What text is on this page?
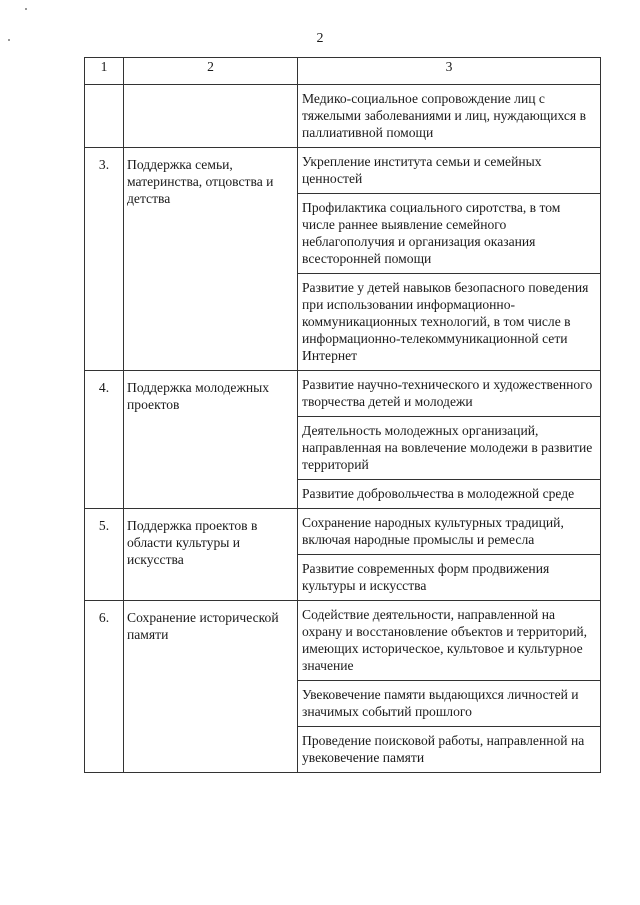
2
1	2	3
		Медико-социальное сопровождение лиц с тяжелыми заболеваниями и лиц, нуждающихся в паллиативной помощи
3.	Поддержка семьи, материнства, отцовства и детства	Укрепление института семьи и семейных ценностей
		Профилактика социального сиротства, в том числе раннее выявление семейного неблагополучия и организация оказания всесторонней помощи
		Развитие у детей навыков безопасного поведения при использовании информационно-коммуникационных технологий, в том числе в информационно-телекоммуникационной сети Интернет
4.	Поддержка молодежных проектов	Развитие научно-технического и художественного творчества детей и молодежи
		Деятельность молодежных организаций, направленная на вовлечение молодежи в развитие территорий
		Развитие добровольчества в молодежной среде
5.	Поддержка проектов в области культуры и искусства	Сохранение народных культурных традиций, включая народные промыслы и ремесла
		Развитие современных форм продвижения культуры и искусства
6.	Сохранение исторической памяти	Содействие деятельности, направленной на охрану и восстановление объектов и территорий, имеющих историческое, культовое и культурное значение
		Увековечение памяти выдающихся личностей и значимых событий прошлого
		Проведение поисковой работы, направленной на увековечение памяти
